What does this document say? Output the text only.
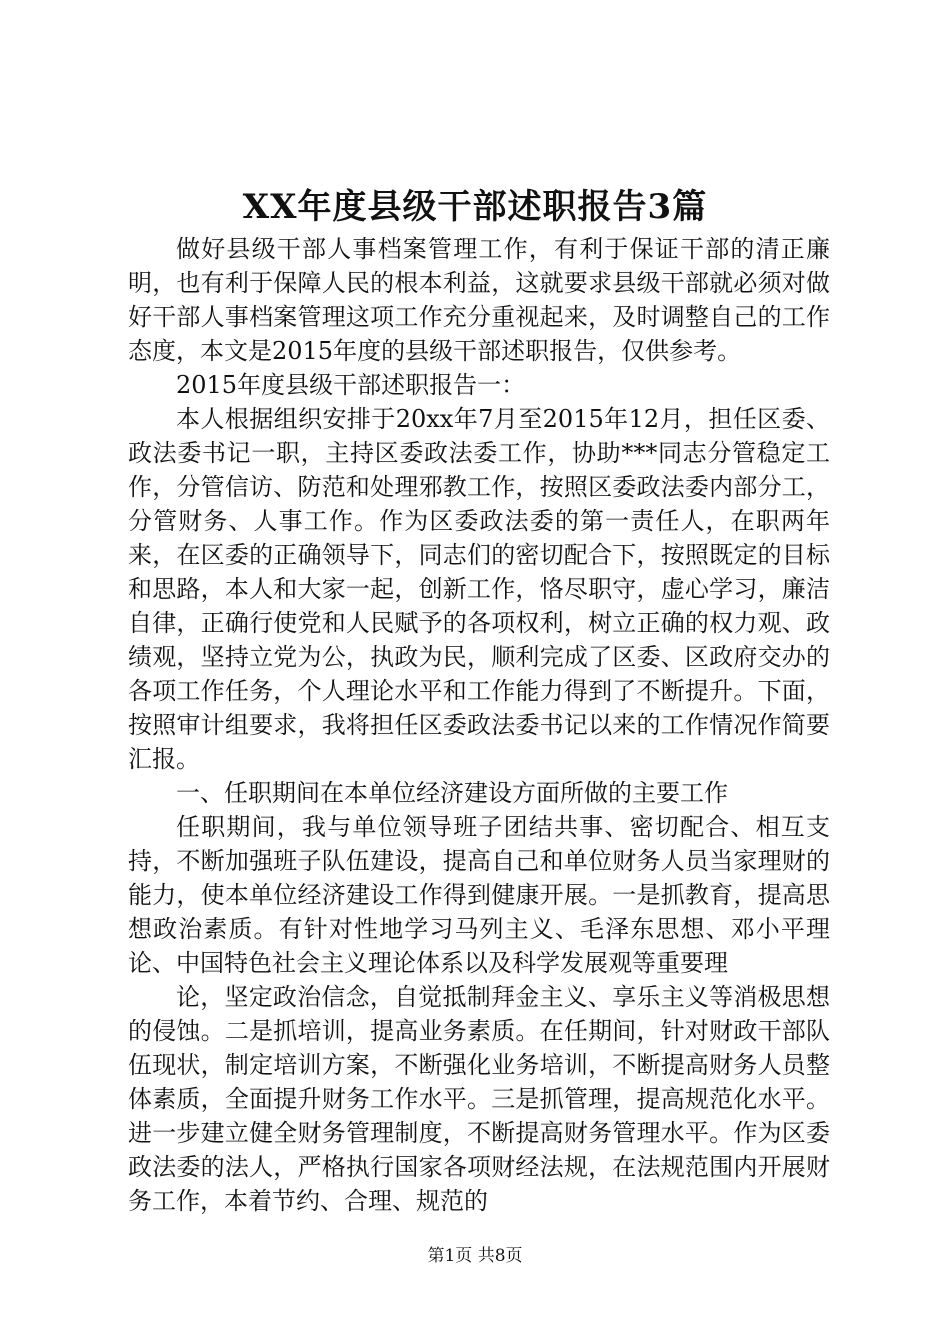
XX年度县级干部述职报告3篇

做好县级干部人事档案管理工作，有利于保证干部的清正廉明，也有利于保障人民的根本利益，这就要求县级干部就必须对做好干部人事档案管理这项工作充分重视起来，及时调整自己的工作态度，本文是2015年度的县级干部述职报告，仅供参考。

2015年度县级干部述职报告一：

本人根据组织安排于20xx年7月至2015年12月，担任区委、政法委书记一职，主持区委政法委工作，协助***同志分管稳定工作，分管信访、防范和处理邪教工作，按照区委政法委内部分工，分管财务、人事工作。作为区委政法委的第一责任人，在职两年来，在区委的正确领导下，同志们的密切配合下，按照既定的目标和思路，本人和大家一起，创新工作，恪尽职守，虚心学习，廉洁自律，正确行使党和人民赋予的各项权利，树立正确的权力观、政绩观，坚持立党为公，执政为民，顺利完成了区委、区政府交办的各项工作任务，个人理论水平和工作能力得到了不断提升。下面，按照审计组要求，我将担任区委政法委书记以来的工作情况作简要汇报。

一、任职期间在本单位经济建设方面所做的主要工作

任职期间，我与单位领导班子团结共事、密切配合、相互支持，不断加强班子队伍建设，提高自己和单位财务人员当家理财的能力，使本单位经济建设工作得到健康开展。一是抓教育，提高思想政治素质。有针对性地学习马列主义、毛泽东思想、邓小平理论、中国特色社会主义理论体系以及科学发展观等重要理

论，坚定政治信念，自觉抵制拜金主义、享乐主义等消极思想的侵蚀。二是抓培训，提高业务素质。在任期间，针对财政干部队伍现状，制定培训方案，不断强化业务培训，不断提高财务人员整体素质，全面提升财务工作水平。三是抓管理，提高规范化水平。进一步建立健全财务管理制度，不断提高财务管理水平。作为区委政法委的法人，严格执行国家各项财经法规，在法规范围内开展财务工作，本着节约、合理、规范的

第1页 共8页
